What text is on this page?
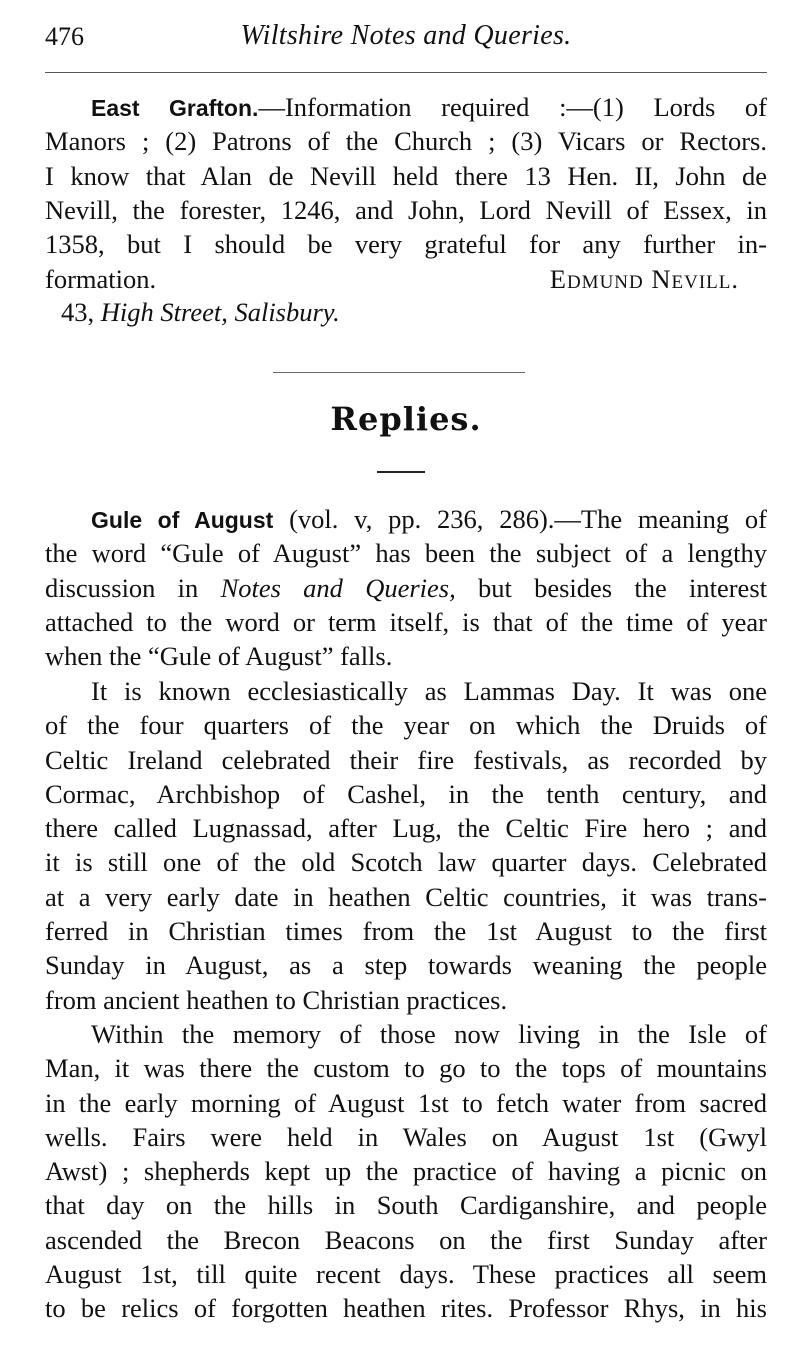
476	Wiltshire Notes and Queries.
East Grafton.—Information required :—(1) Lords of
Manors ; (2) Patrons of the Church ; (3) Vicars or Rectors.
I know that Alan de Nevill held there 13 Hen. II, John de
Nevill, the forester, 1246, and John, Lord Nevill of Essex, in
1358, but I should be very grateful for any further in-
formation.	Edmund Nevill.
43, High Street, Salisbury.
Replies.
Gule of August (vol. v, pp. 236, 286).—The meaning of
the word “Gule of August” has been the subject of a lengthy
discussion in Notes and Queries, but besides the interest
attached to the word or term itself, is that of the time of year
when the “Gule of August” falls.
It is known ecclesiastically as Lammas Day. It was one
of the four quarters of the year on which the Druids of
Celtic Ireland celebrated their fire festivals, as recorded by
Cormac, Archbishop of Cashel, in the tenth century, and
there called Lugnassad, after Lug, the Celtic Fire hero ; and
it is still one of the old Scotch law quarter days. Celebrated
at a very early date in heathen Celtic countries, it was trans-
ferred in Christian times from the 1st August to the first
Sunday in August, as a step towards weaning the people
from ancient heathen to Christian practices.
Within the memory of those now living in the Isle of
Man, it was there the custom to go to the tops of mountains
in the early morning of August 1st to fetch water from sacred
wells. Fairs were held in Wales on August 1st (Gwyl
Awst) ; shepherds kept up the practice of having a picnic on
that day on the hills in South Cardiganshire, and people
ascended the Brecon Beacons on the first Sunday after
August 1st, till quite recent days. These practices all seem
to be relics of forgotten heathen rites. Professor Rhys, in his
